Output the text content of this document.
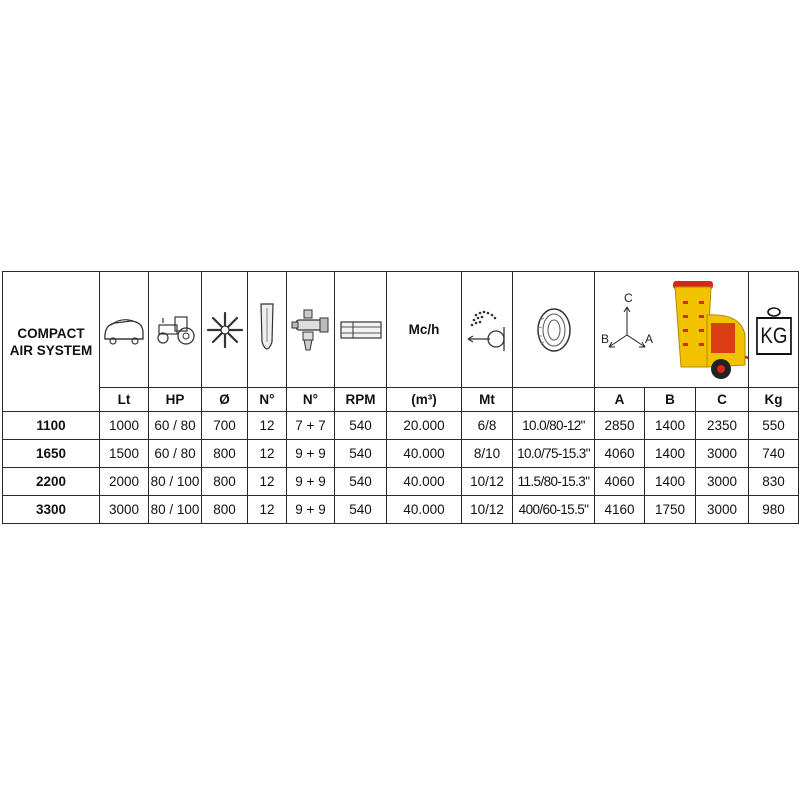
COMPACT
AIR SYSTEM							Mc/h			C
B A			KG

	Lt	HP	Ø	N°	N°	RPM	(m³)	Mt		A	B	C	Kg
1100	1000	60 / 80	700	12	7 + 7	540	20.000	6/8	10.0/80-12"	2850	1400	2350	550
1650	1500	60 / 80	800	12	9 + 9	540	40.000	8/10	10.0/75-15.3"	4060	1400	3000	740
2200	2000	80 / 100	800	12	9 + 9	540	40.000	10/12	11.5/80-15.3"	4060	1400	3000	830
3300	3000	80 / 100	800	12	9 + 9	540	40.000	10/12	400/60-15.5"	4160	1750	3000	980
